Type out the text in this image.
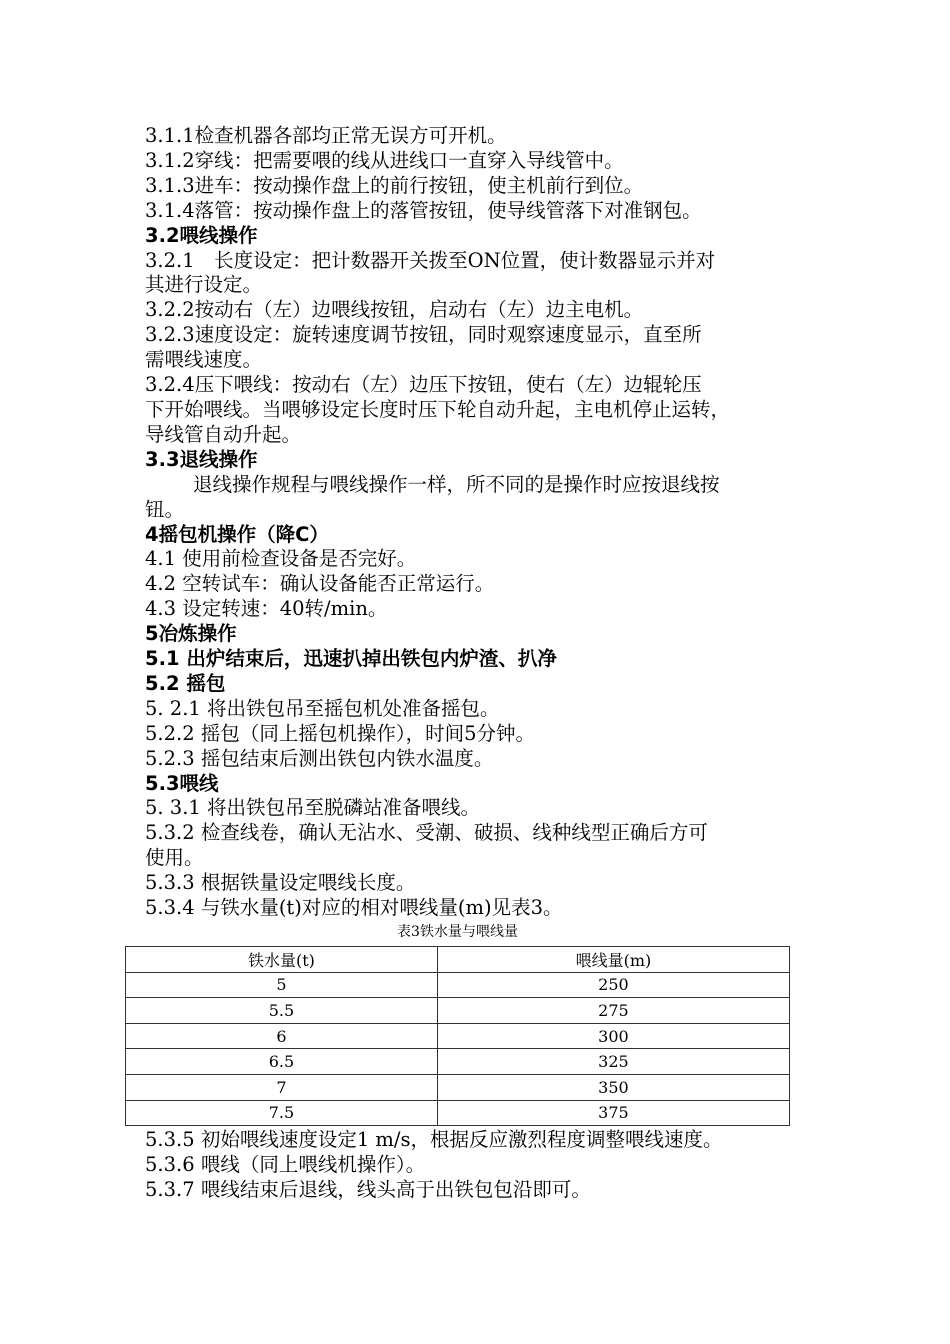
3.1.1检查机器各部均正常无误方可开机。
3.1.2穿线：把需要喂的线从进线口一直穿入导线管中。
3.1.3进车：按动操作盘上的前行按钮，使主机前行到位。
3.1.4落管：按动操作盘上的落管按钮，使导线管落下对准钢包。
3.2喂线操作
3.2.1　长度设定：把计数器开关拨至ON位置，使计数器显示并对
其进行设定。
3.2.2按动右（左）边喂线按钮，启动右（左）边主电机。
3.2.3速度设定：旋转速度调节按钮，同时观察速度显示，直至所
需喂线速度。
3.2.4压下喂线：按动右（左）边压下按钮，使右（左）边辊轮压
下开始喂线。当喂够设定长度时压下轮自动升起，主电机停止运转，
导线管自动升起。
3.3退线操作
退线操作规程与喂线操作一样，所不同的是操作时应按退线按
钮。
4摇包机操作（降C）
4.1 使用前检查设备是否完好。
4.2 空转试车：确认设备能否正常运行。
4.3 设定转速：40转/min。
5冶炼操作
5.1 出炉结束后，迅速扒掉出铁包内炉渣、扒净
5.2 摇包
5. 2.1 将出铁包吊至摇包机处准备摇包。
5.2.2 摇包（同上摇包机操作），时间5分钟。
5.2.3 摇包结束后测出铁包内铁水温度。
5.3喂线
5. 3.1 将出铁包吊至脱磷站准备喂线。
5.3.2 检查线卷，确认无沾水、受潮、破损、线种线型正确后方可
使用。
5.3.3 根据铁量设定喂线长度。
5.3.4 与铁水量(t)对应的相对喂线量(m)见表3。
表3铁水量与喂线量
铁水量(t)	喂线量(m)
5	250
5.5	275
6	300
6.5	325
7	350
7.5	375
5.3.5 初始喂线速度设定1 m/s，根据反应激烈程度调整喂线速度。
5.3.6 喂线（同上喂线机操作）。
5.3.7 喂线结束后退线，线头高于出铁包包沿即可。
